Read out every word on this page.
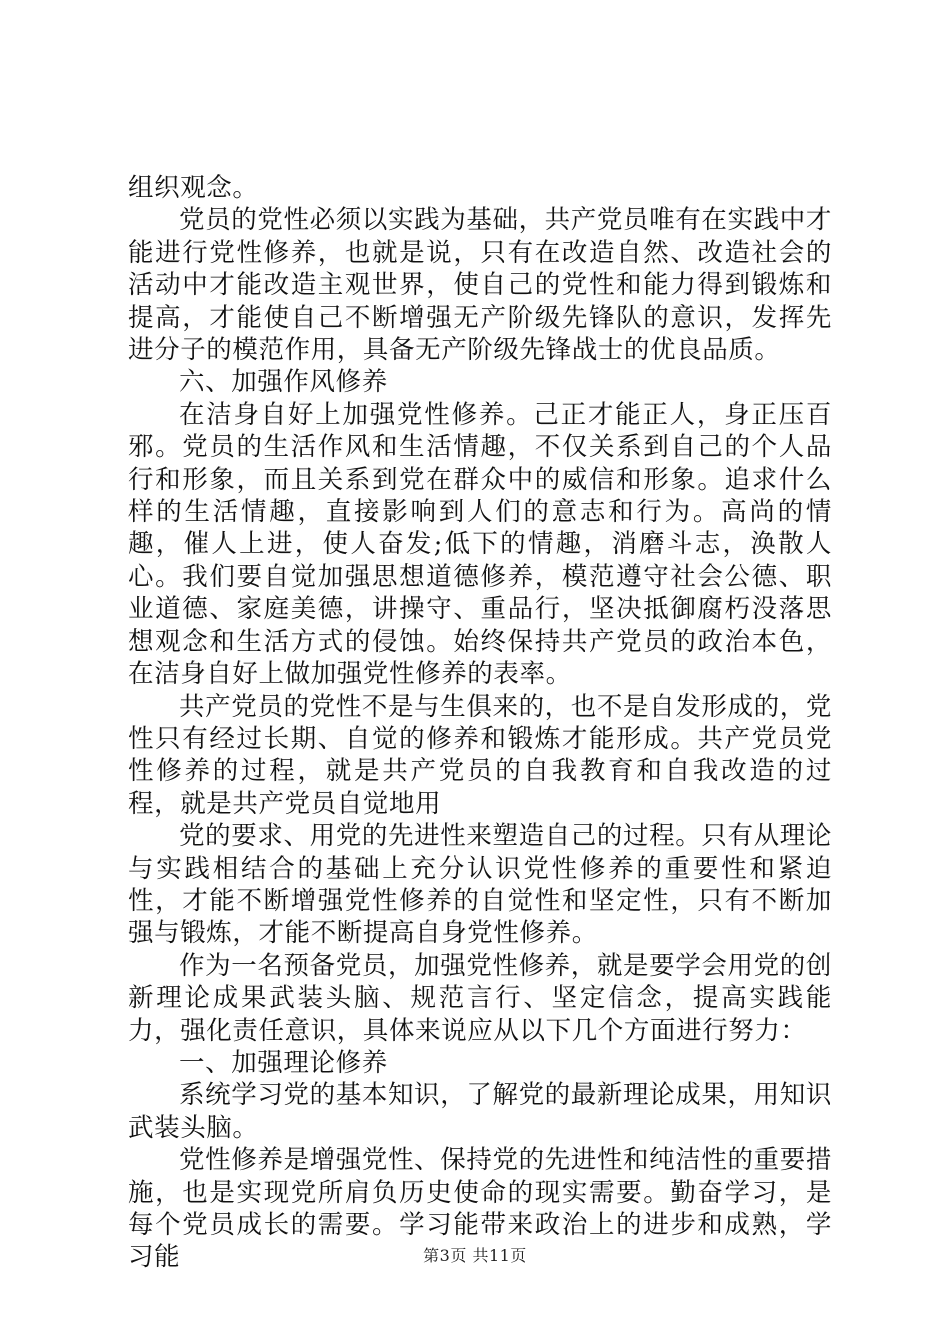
组织观念。

党员的党性必须以实践为基础，共产党员唯有在实践中才能进行党性修养，也就是说，只有在改造自然、改造社会的活动中才能改造主观世界，使自己的党性和能力得到锻炼和提高，才能使自己不断增强无产阶级先锋队的意识，发挥先进分子的模范作用，具备无产阶级先锋战士的优良品质。

六、加强作风修养

在洁身自好上加强党性修养。己正才能正人，身正压百邪。党员的生活作风和生活情趣，不仅关系到自己的个人品行和形象，而且关系到党在群众中的威信和形象。追求什么样的生活情趣，直接影响到人们的意志和行为。高尚的情趣，催人上进，使人奋发;低下的情趣，消磨斗志，涣散人心。我们要自觉加强思想道德修养，模范遵守社会公德、职业道德、家庭美德，讲操守、重品行，坚决抵御腐朽没落思想观念和生活方式的侵蚀。始终保持共产党员的政治本色，在洁身自好上做加强党性修养的表率。

共产党员的党性不是与生俱来的，也不是自发形成的，党性只有经过长期、自觉的修养和锻炼才能形成。共产党员党性修养的过程，就是共产党员的自我教育和自我改造的过程，就是共产党员自觉地用

党的要求、用党的先进性来塑造自己的过程。只有从理论与实践相结合的基础上充分认识党性修养的重要性和紧迫性，才能不断增强党性修养的自觉性和坚定性，只有不断加强与锻炼，才能不断提高自身党性修养。

作为一名预备党员，加强党性修养，就是要学会用党的创新理论成果武装头脑、规范言行、坚定信念，提高实践能力，强化责任意识，具体来说应从以下几个方面进行努力：

一、加强理论修养

系统学习党的基本知识，了解党的最新理论成果，用知识武装头脑。

党性修养是增强党性、保持党的先进性和纯洁性的重要措施，也是实现党所肩负历史使命的现实需要。勤奋学习，是每个党员成长的需要。学习能带来政治上的进步和成熟，学习能	第3页 共11页
